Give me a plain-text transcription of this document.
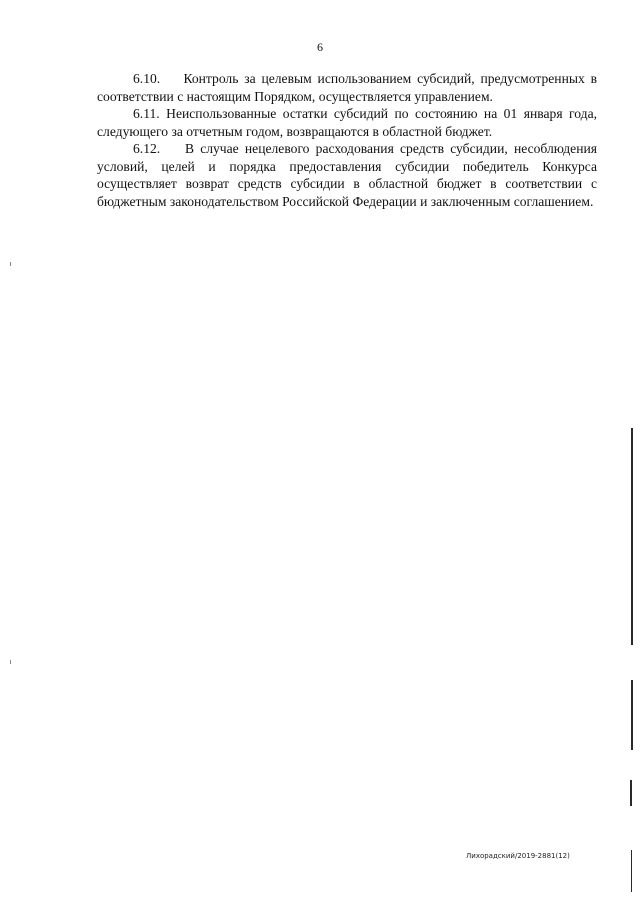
6

6.10. Контроль за целевым использованием субсидий, предусмотренных в соответствии с настоящим Порядком, осуществляется управлением.

6.11. Неиспользованные остатки субсидий по состоянию на 01 января года, следующего за отчетным годом, возвращаются в областной бюджет.

6.12. В случае нецелевого расходования средств субсидии, несоблюдения условий, целей и порядка предоставления субсидии победитель Конкурса осуществляет возврат средств субсидии в областной бюджет в соответствии с бюджетным законодательством Российской Федерации и заключенным соглашением.

Лихорадский/2019-2881(12)
